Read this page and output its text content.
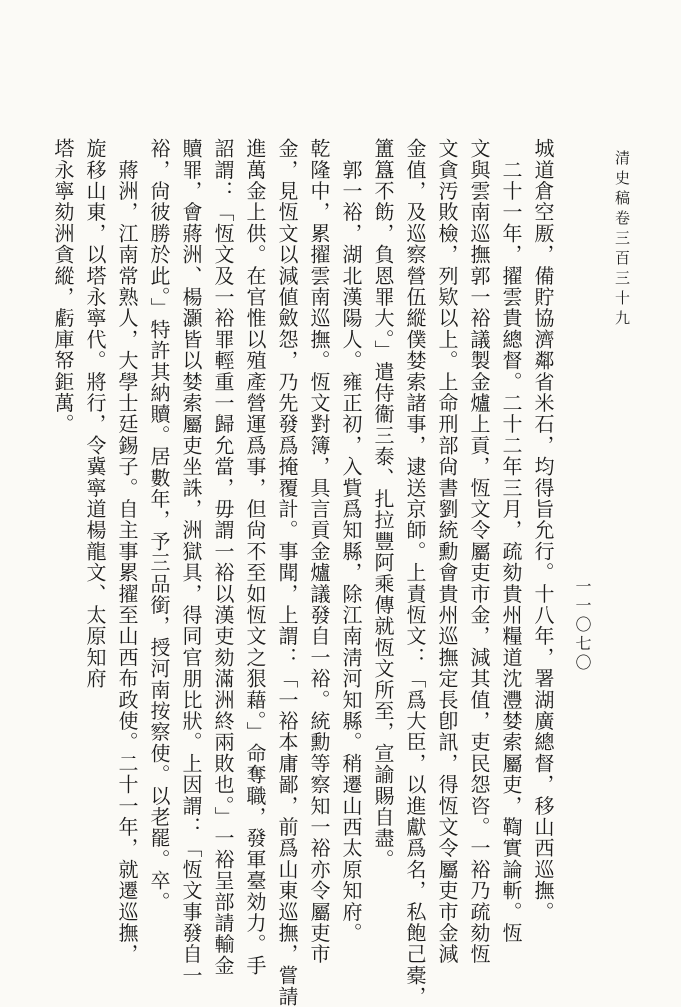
清史稿卷三百三十九
一一〇七〇
城道倉空厫，備貯協濟鄰省米石，均得旨允行。十八年，署湖廣總督，移山西巡撫。
　二十一年，擢雲貴總督。二十二年三月，疏劾貴州糧道沈灃婪索屬吏，鞫實論斬。恆
文與雲南巡撫郭一裕議製金爐上貢，恆文令屬吏市金，減其值，吏民怨咨。一裕乃疏劾恆
文貪汚敗檢，列欵以上。上命刑部尙書劉統勳會貴州巡撫定長卽訊，得恆文令屬吏市金減
金值，及巡察營伍縱僕婪索諸事，逮送京師。上責恆文：「爲大臣，以進獻爲名，私飽己橐，
簠簋不飭，負恩罪大。」遣侍衞三泰、扎拉豐阿乘傳就恆文所至，宣諭賜自盡。
　郭一裕，湖北漢陽人。雍正初，入貲爲知縣，除江南淸河知縣。稍遷山西太原知府。
乾隆中，累擢雲南巡撫。恆文對簿，具言貢金爐議發自一裕。統勳等察知一裕亦令屬吏市
金，見恆文以減値斂怨，乃先發爲掩覆計。事聞，上謂：「一裕本庸鄙，前爲山東巡撫，嘗請
進萬金上供。在官惟以殖產營運爲事，但尙不至如恆文之狠藉。」命奪職，發軍臺効力。手
詔謂：「恆文及一裕罪輕重一歸允當，毋謂一裕以漢吏劾滿洲終兩敗也。」一裕呈部請輸金
贖罪，會蔣洲、楊灝皆以婪索屬吏坐誅，洲獄具，得同官朋比狀。上因謂：「恆文事發自一
裕，尙彼勝於此。」特許其納贖。居數年，予三品銜，授河南按察使。以老罷。卒。
　蔣洲，江南常熟人，大學士廷錫子。自主事累擢至山西布政使。二十一年，就遷巡撫，
旋移山東，以塔永寧代。將行，令冀寧道楊龍文、太原知府
塔永寧劾洲貪縱，虧庫帑鉅萬。
